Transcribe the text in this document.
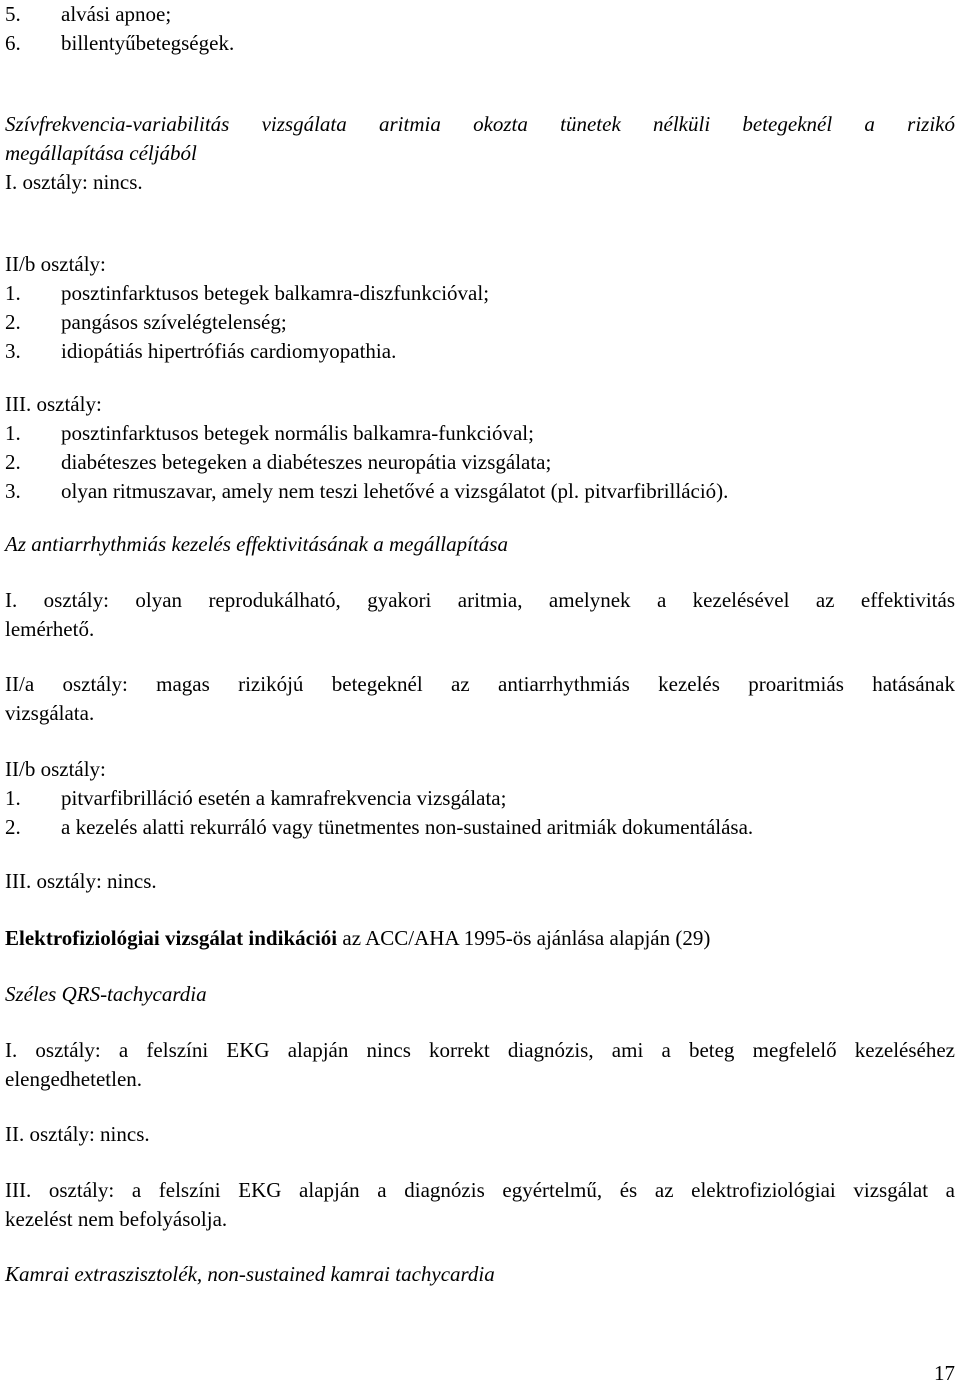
5.	alvási apnoe;
6.	billentyűbetegségek.
Szívfrekvencia-variabilitás vizsgálata aritmia okozta tünetek nélküli betegeknél a rizikó
megállapítása céljából
I. osztály: nincs.
II/b osztály:
1.	posztinfarktusos betegek balkamra-diszfunkcióval;
2.	pangásos szívelégtelenség;
3.	idiopátiás hipertrófiás cardiomyopathia.
III. osztály:
1.	posztinfarktusos betegek normális balkamra-funkcióval;
2.	diabéteszes betegeken a diabéteszes neuropátia vizsgálata;
3.	olyan ritmuszavar, amely nem teszi lehetővé a vizsgálatot (pl. pitvarfibrilláció).
Az antiarrhythmiás kezelés effektivitásának a megállapítása
I. osztály: olyan reprodukálható, gyakori aritmia, amelynek a kezelésével az effektivitás
lemérhető.
II/a osztály: magas rizikójú betegeknél az antiarrhythmiás kezelés proaritmiás hatásának
vizsgálata.
II/b osztály:
1.	pitvarfibrilláció esetén a kamrafrekvencia vizsgálata;
2.	a kezelés alatti rekurráló vagy tünetmentes non-sustained aritmiák dokumentálása.
III. osztály: nincs.
Elektrofiziológiai vizsgálat indikációi az ACC/AHA 1995-ös ajánlása alapján (29)
Széles QRS-tachycardia
I. osztály: a felszíni EKG alapján nincs korrekt diagnózis, ami a beteg megfelelő kezeléséhez
elengedhetetlen.
II. osztály: nincs.
III. osztály: a felszíni EKG alapján a diagnózis egyértelmű, és az elektrofiziológiai vizsgálat a
kezelést nem befolyásolja.
Kamrai extraszisztolék, non-sustained kamrai tachycardia
17
